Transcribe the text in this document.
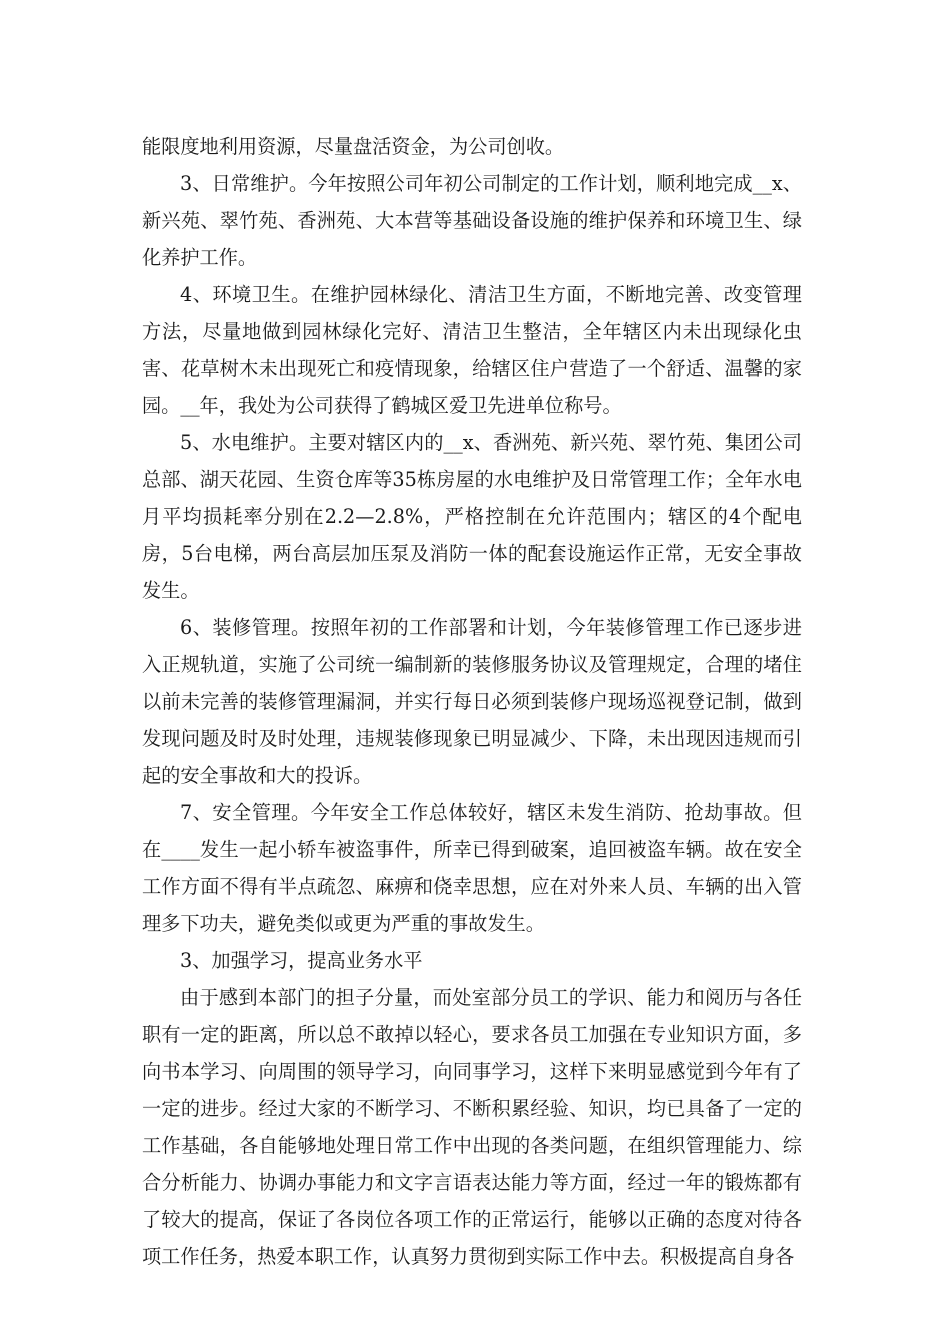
能限度地利用资源，尽量盘活资金，为公司创收。

3、日常维护。今年按照公司年初公司制定的工作计划，顺利地完成__x、新兴苑、翠竹苑、香洲苑、大本营等基础设备设施的维护保养和环境卫生、绿化养护工作。

4、环境卫生。在维护园林绿化、清洁卫生方面，不断地完善、改变管理方法，尽量地做到园林绿化完好、清洁卫生整洁，全年辖区内未出现绿化虫害、花草树木未出现死亡和疫情现象，给辖区住户营造了一个舒适、温馨的家园。__年，我处为公司获得了鹤城区爱卫先进单位称号。

5、水电维护。主要对辖区内的__x、香洲苑、新兴苑、翠竹苑、集团公司总部、湖天花园、生资仓库等35栋房屋的水电维护及日常管理工作；全年水电月平均损耗率分别在2.2—2.8%，严格控制在允许范围内；辖区的4个配电房，5台电梯，两台高层加压泵及消防一体的配套设施运作正常，无安全事故发生。

6、装修管理。按照年初的工作部署和计划，今年装修管理工作已逐步进入正规轨道，实施了公司统一编制新的装修服务协议及管理规定，合理的堵住以前未完善的装修管理漏洞，并实行每日必须到装修户现场巡视登记制，做到发现问题及时及时处理，违规装修现象已明显减少、下降，未出现因违规而引起的安全事故和大的投诉。

7、安全管理。今年安全工作总体较好，辖区未发生消防、抢劫事故。但在____发生一起小轿车被盗事件，所幸已得到破案，追回被盗车辆。故在安全工作方面不得有半点疏忽、麻痹和侥幸思想，应在对外来人员、车辆的出入管理多下功夫，避免类似或更为严重的事故发生。

3、加强学习，提高业务水平

由于感到本部门的担子分量，而处室部分员工的学识、能力和阅历与各任职有一定的距离，所以总不敢掉以轻心，要求各员工加强在专业知识方面，多向书本学习、向周围的领导学习，向同事学习，这样下来明显感觉到今年有了一定的进步。经过大家的不断学习、不断积累经验、知识，均已具备了一定的工作基础，各自能够地处理日常工作中出现的各类问题，在组织管理能力、综合分析能力、协调办事能力和文字言语表达能力等方面，经过一年的锻炼都有了较大的提高，保证了各岗位各项工作的正常运行，能够以正确的态度对待各项工作任务，热爱本职工作，认真努力贯彻到实际工作中去。积极提高自身各
